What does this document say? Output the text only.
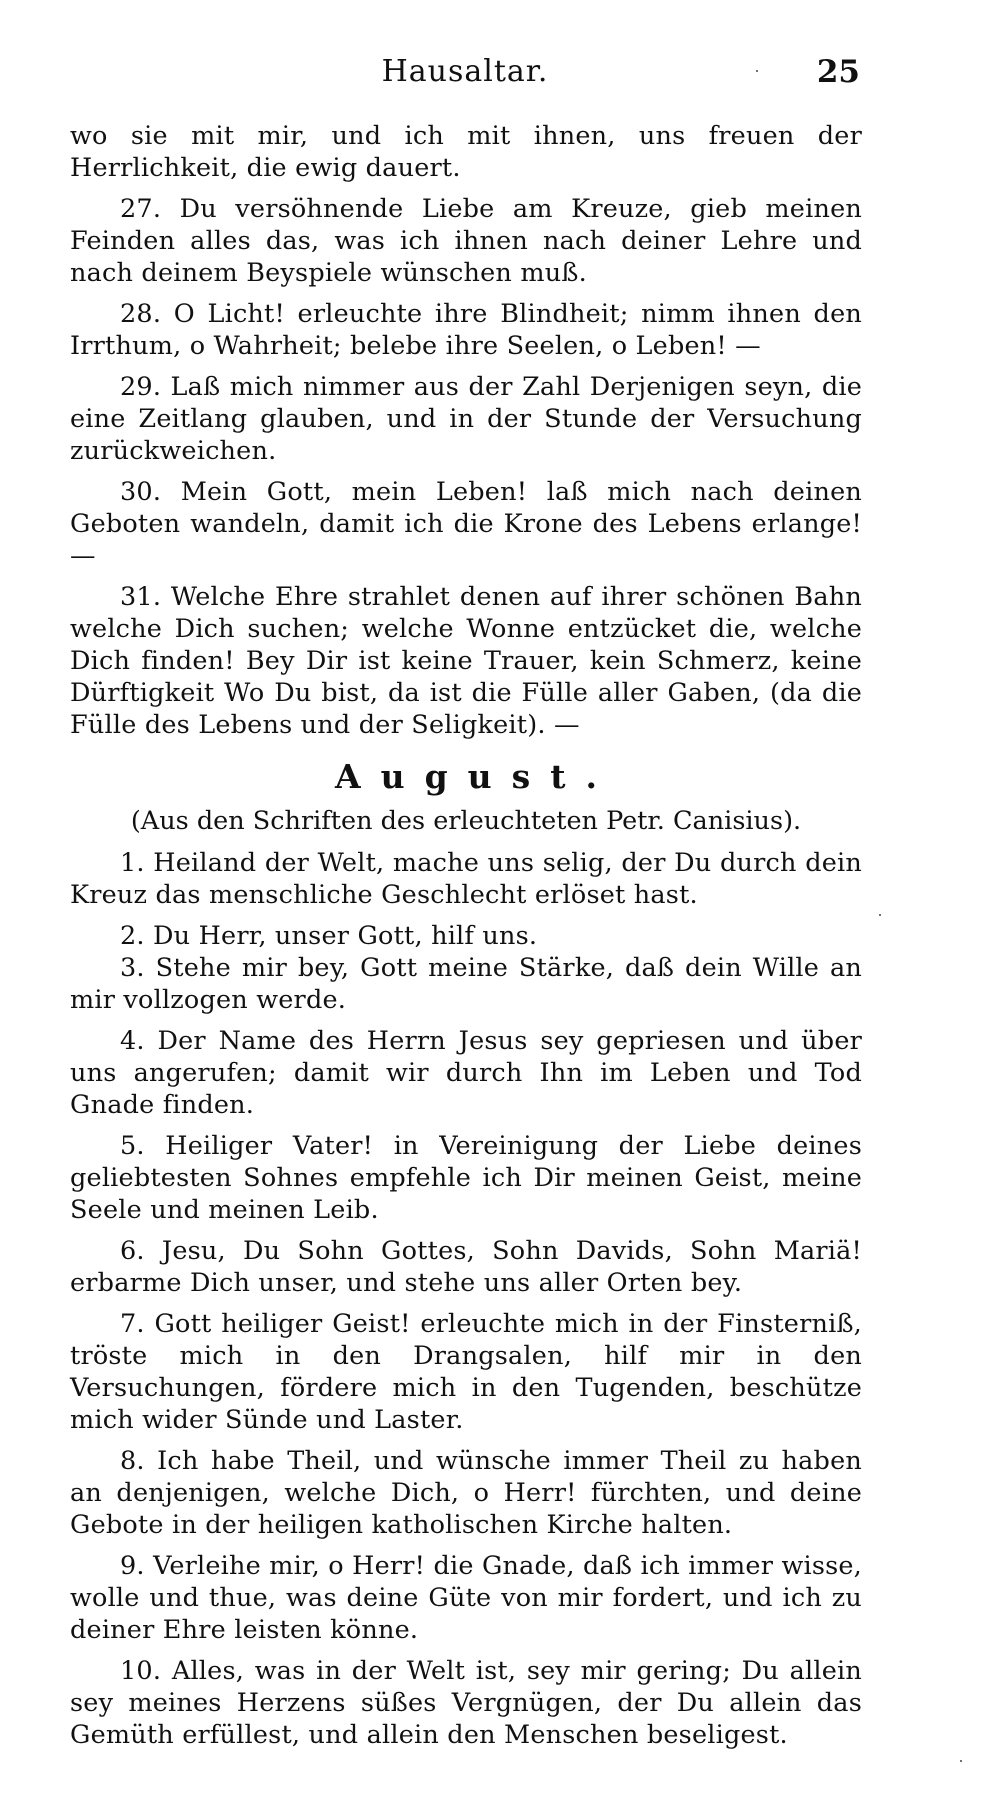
Hausaltar.	25

wo sie mit mir, und ich mit ihnen, uns freuen der Herrlichkeit, die ewig dauert.

27. Du versöhnende Liebe am Kreuze, gieb meinen Feinden alles das, was ich ihnen nach deiner Lehre und nach deinem Beyspiele wünschen muß.

28. O Licht! erleuchte ihre Blindheit; nimm ihnen den Irrthum, o Wahrheit; belebe ihre Seelen, o Leben! —

29. Laß mich nimmer aus der Zahl Derjenigen seyn, die eine Zeitlang glauben, und in der Stunde der Versuchung zurückweichen.

30. Mein Gott, mein Leben! laß mich nach deinen Geboten wandeln, damit ich die Krone des Lebens erlange! —

31. Welche Ehre strahlet denen auf ihrer schönen Bahn welche Dich suchen; welche Wonne entzücket die, welche Dich finden! Bey Dir ist keine Trauer, kein Schmerz, keine Dürftigkeit Wo Du bist, da ist die Fülle aller Gaben, (da die Fülle des Lebens und der Seligkeit). —

August.

(Aus den Schriften des erleuchteten Petr. Canisius).

1. Heiland der Welt, mache uns selig, der Du durch dein Kreuz das menschliche Geschlecht erlöset hast.

2. Du Herr, unser Gott, hilf uns.

3. Stehe mir bey, Gott meine Stärke, daß dein Wille an mir vollzogen werde.

4. Der Name des Herrn Jesus sey gepriesen und über uns angerufen; damit wir durch Ihn im Leben und Tod Gnade finden.

5. Heiliger Vater! in Vereinigung der Liebe deines geliebtesten Sohnes empfehle ich Dir meinen Geist, meine Seele und meinen Leib.

6. Jesu, Du Sohn Gottes, Sohn Davids, Sohn Mariä! erbarme Dich unser, und stehe uns aller Orten bey.

7. Gott heiliger Geist! erleuchte mich in der Finsterniß, tröste mich in den Drangsalen, hilf mir in den Versuchungen, fördere mich in den Tugenden, beschütze mich wider Sünde und Laster.

8. Ich habe Theil, und wünsche immer Theil zu haben an denjenigen, welche Dich, o Herr! fürchten, und deine Gebote in der heiligen katholischen Kirche halten.

9. Verleihe mir, o Herr! die Gnade, daß ich immer wisse, wolle und thue, was deine Güte von mir fordert, und ich zu deiner Ehre leisten könne.

10. Alles, was in der Welt ist, sey mir gering; Du allein sey meines Herzens süßes Vergnügen, der Du allein das Gemüth erfüllest, und allein den Menschen beseligest.
